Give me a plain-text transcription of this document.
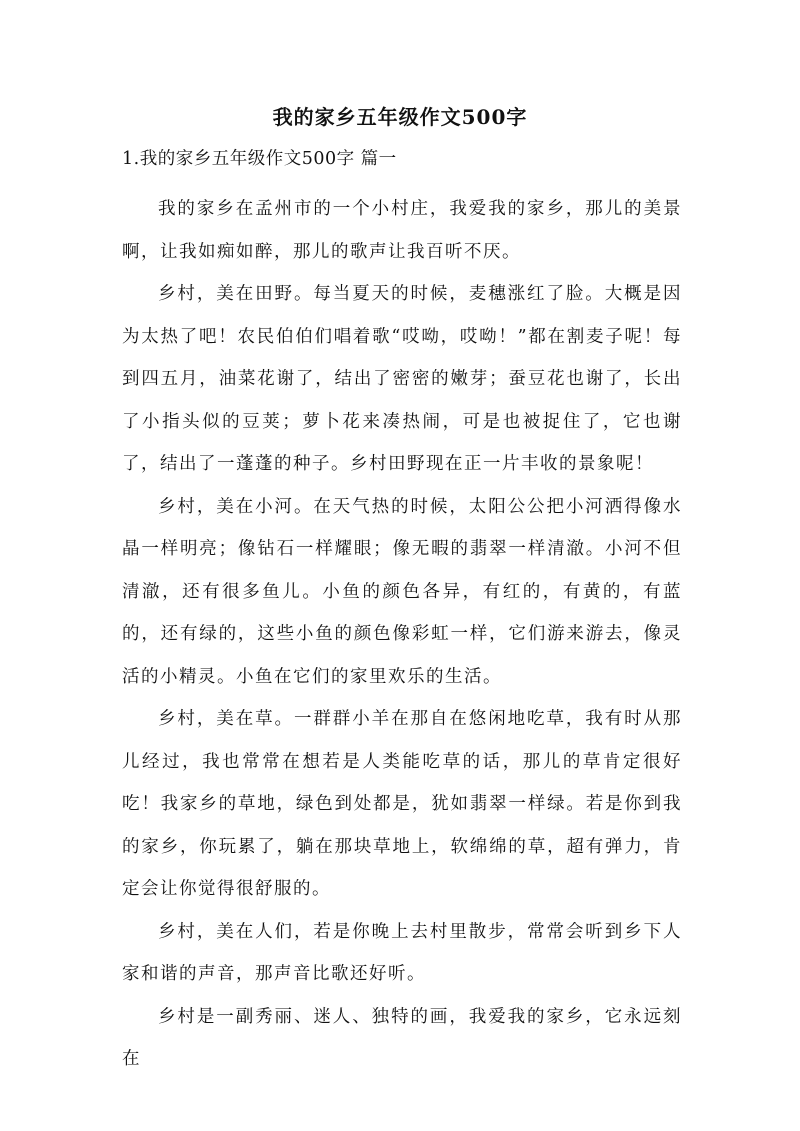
我的家乡五年级作文500字
1.我的家乡五年级作文500字 篇一

我的家乡在孟州市的一个小村庄，我爱我的家乡，那儿的美景啊，让我如痴如醉，那儿的歌声让我百听不厌。

乡村，美在田野。每当夏天的时候，麦穗涨红了脸。大概是因为太热了吧！农民伯伯们唱着歌“哎呦，哎呦！”都在割麦子呢！每到四五月，油菜花谢了，结出了密密的嫩芽；蚕豆花也谢了，长出了小指头似的豆荚；萝卜花来凑热闹，可是也被捉住了，它也谢了，结出了一蓬蓬的种子。乡村田野现在正一片丰收的景象呢！

乡村，美在小河。在天气热的时候，太阳公公把小河洒得像水晶一样明亮；像钻石一样耀眼；像无暇的翡翠一样清澈。小河不但清澈，还有很多鱼儿。小鱼的颜色各异，有红的，有黄的，有蓝的，还有绿的，这些小鱼的颜色像彩虹一样，它们游来游去，像灵活的小精灵。小鱼在它们的家里欢乐的生活。

乡村，美在草。一群群小羊在那自在悠闲地吃草，我有时从那儿经过，我也常常在想若是人类能吃草的话，那儿的草肯定很好吃！我家乡的草地，绿色到处都是，犹如翡翠一样绿。若是你到我的家乡，你玩累了，躺在那块草地上，软绵绵的草，超有弹力，肯定会让你觉得很舒服的。

乡村，美在人们，若是你晚上去村里散步，常常会听到乡下人家和谐的声音，那声音比歌还好听。

乡村是一副秀丽、迷人、独特的画，我爱我的家乡，它永远刻在
